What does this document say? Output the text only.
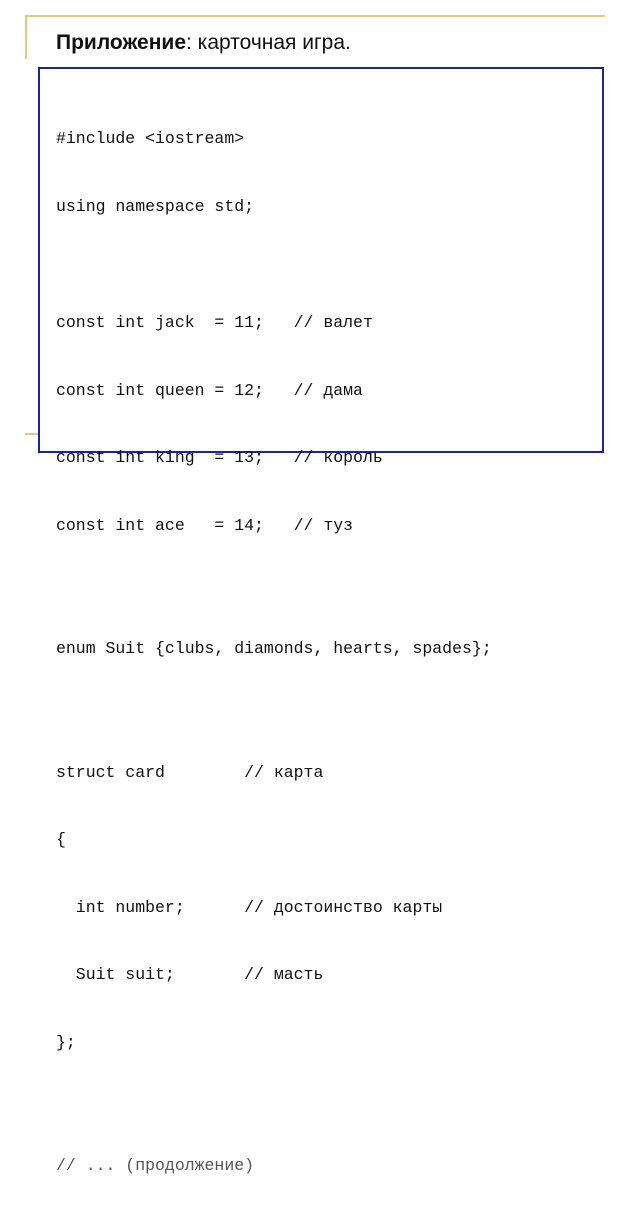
Приложение: карточная игра.

#include <iostream>

using namespace std;

const int jack  = 11;   // валет

const int queen = 12;   // дама

const int king  = 13;   // король

const int ace   = 14;   // туз

enum Suit {clubs, diamonds, hearts, spades};

struct card        // карта

{

int number;      // достоинство карты

Suit suit;       // масть

};

// ... (продолжение)
